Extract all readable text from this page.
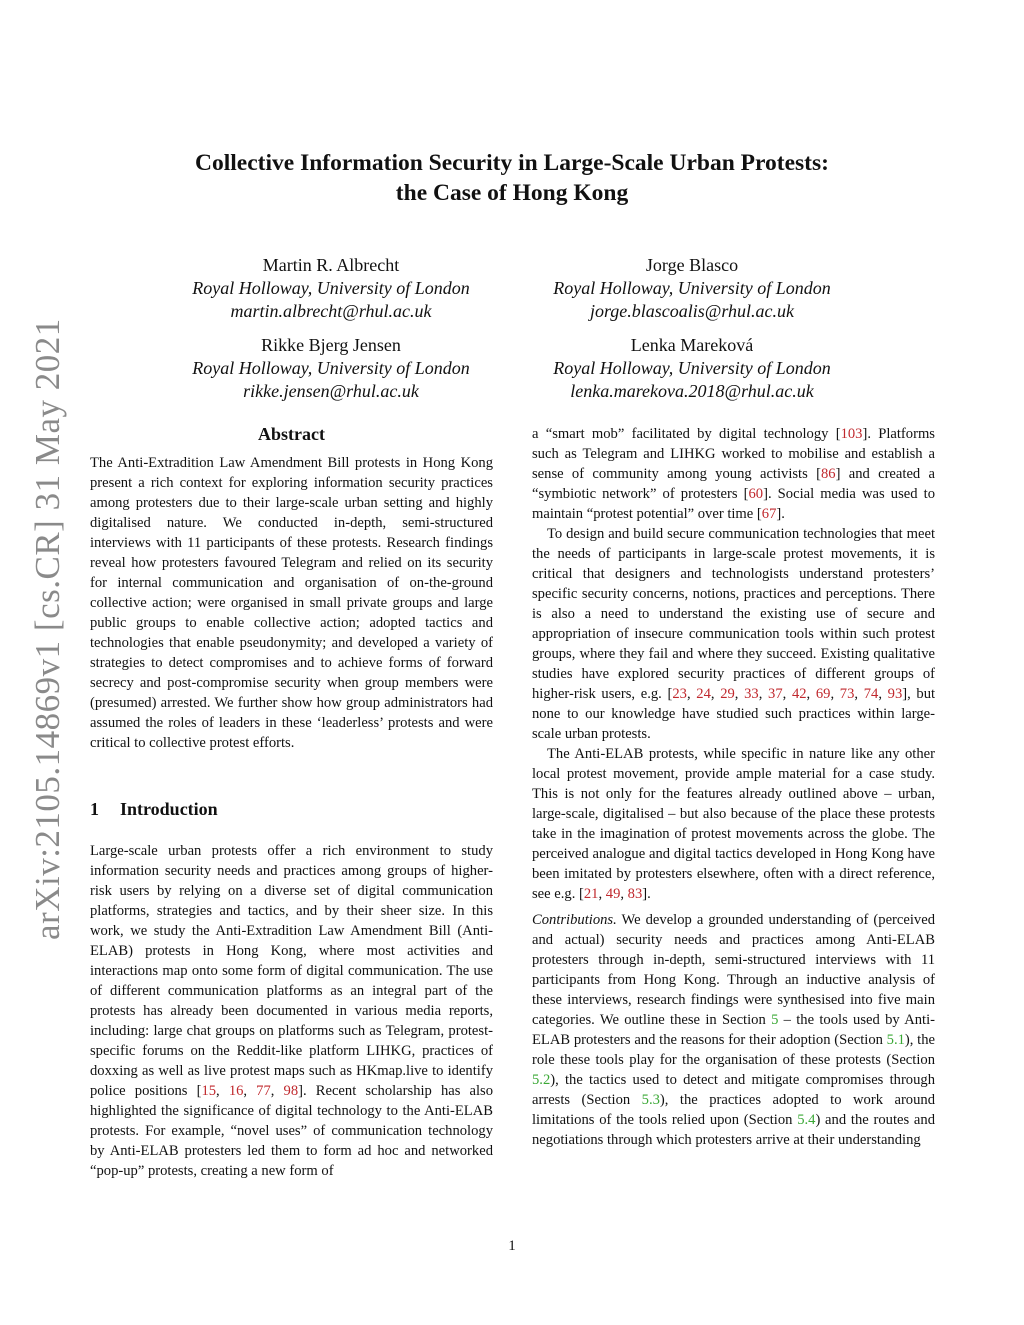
arXiv:2105.14869v1 [cs.CR] 31 May 2021
Collective Information Security in Large-Scale Urban Protests:
the Case of Hong Kong
Martin R. Albrecht
Royal Holloway, University of London
martin.albrecht@rhul.ac.uk
Jorge Blasco
Royal Holloway, University of London
jorge.blascoalis@rhul.ac.uk
Rikke Bjerg Jensen
Royal Holloway, University of London
rikke.jensen@rhul.ac.uk
Lenka Mareková
Royal Holloway, University of London
lenka.marekova.2018@rhul.ac.uk
Abstract

The Anti-Extradition Law Amendment Bill protests in Hong Kong present a rich context for exploring information security practices among protesters due to their large-scale urban setting and highly digitalised nature. We conducted in-depth, semi-structured interviews with 11 participants of these protests. Research findings reveal how protesters favoured Telegram and relied on its security for internal communication and organisation of on-the-ground collective action; were organised in small private groups and large public groups to enable collective action; adopted tactics and technologies that enable pseudonymity; and developed a variety of strategies to detect compromises and to achieve forms of forward secrecy and post-compromise security when group members were (presumed) arrested. We further show how group administrators had assumed the roles of leaders in these ‘leaderless’ protests and were critical to collective protest efforts.

1 Introduction

Large-scale urban protests offer a rich environment to study information security needs and practices among groups of higher-risk users by relying on a diverse set of digital communication platforms, strategies and tactics, and by their sheer size. In this work, we study the Anti-Extradition Law Amendment Bill (Anti-ELAB) protests in Hong Kong, where most activities and interactions map onto some form of digital communication. The use of different communication platforms as an integral part of the protests has already been documented in various media reports, including: large chat groups on platforms such as Telegram, protest-specific forums on the Reddit-like platform LIHKG, practices of doxxing as well as live protest maps such as HKmap.live to identify police positions [15, 16, 77, 98]. Recent scholarship has also highlighted the significance of digital technology to the Anti-ELAB protests. For example, “novel uses” of communication technology by Anti-ELAB protesters led them to form ad hoc and networked “pop-up” protests, creating a new form of

a “smart mob” facilitated by digital technology [103]. Platforms such as Telegram and LIHKG worked to mobilise and establish a sense of community among young activists [86] and created a “symbiotic network” of protesters [60]. Social media was used to maintain “protest potential” over time [67].

To design and build secure communication technologies that meet the needs of participants in large-scale protest movements, it is critical that designers and technologists understand protesters’ specific security concerns, notions, practices and perceptions. There is also a need to understand the existing use of secure and appropriation of insecure communication tools within such protest groups, where they fail and where they succeed. Existing qualitative studies have explored security practices of different groups of higher-risk users, e.g. [23, 24, 29, 33, 37, 42, 69, 73, 74, 93], but none to our knowledge have studied such practices within large-scale urban protests.

The Anti-ELAB protests, while specific in nature like any other local protest movement, provide ample material for a case study. This is not only for the features already outlined above – urban, large-scale, digitalised – but also because of the place these protests take in the imagination of protest movements across the globe. The perceived analogue and digital tactics developed in Hong Kong have been imitated by protesters elsewhere, often with a direct reference, see e.g. [21, 49, 83].

Contributions. We develop a grounded understanding of (perceived and actual) security needs and practices among Anti-ELAB protesters through in-depth, semi-structured interviews with 11 participants from Hong Kong. Through an inductive analysis of these interviews, research findings were synthesised into five main categories. We outline these in Section 5 – the tools used by Anti-ELAB protesters and the reasons for their adoption (Section 5.1), the role these tools play for the organisation of these protests (Section 5.2), the tactics used to detect and mitigate compromises through arrests (Section 5.3), the practices adopted to work around limitations of the tools relied upon (Section 5.4) and the routes and negotiations through which protesters arrive at their understanding

1
